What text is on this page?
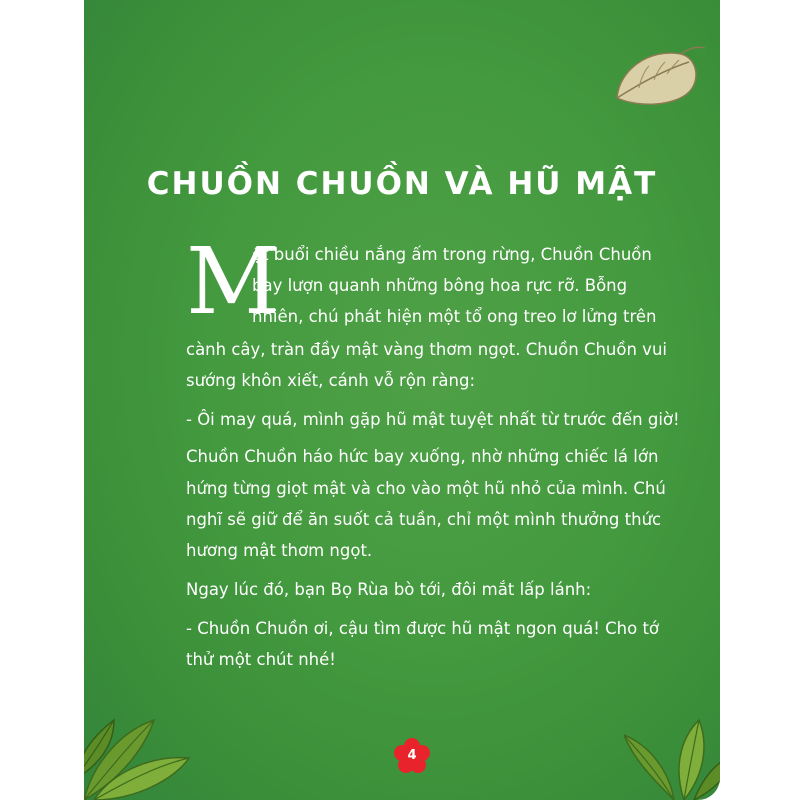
CHUỒN CHUỒN VÀ HŨ MẬT
M
ột buổi chiều nắng ấm trong rừng, Chuồn Chuồn
bay lượn quanh những bông hoa rực rỡ. Bỗng
nhiên, chú phát hiện một tổ ong treo lơ lửng trên
cành cây, tràn đầy mật vàng thơm ngọt. Chuồn Chuồn vui
sướng khôn xiết, cánh vỗ rộn ràng:
- Ôi may quá, mình gặp hũ mật tuyệt nhất từ trước đến giờ!
Chuồn Chuồn háo hức bay xuống, nhờ những chiếc lá lớn
hứng từng giọt mật và cho vào một hũ nhỏ của mình. Chú
nghĩ sẽ giữ để ăn suốt cả tuần, chỉ một mình thưởng thức
hương mật thơm ngọt.
Ngay lúc đó, bạn Bọ Rùa bò tới, đôi mắt lấp lánh:
- Chuồn Chuồn ơi, cậu tìm được hũ mật ngon quá! Cho tớ
thử một chút nhé!
4
